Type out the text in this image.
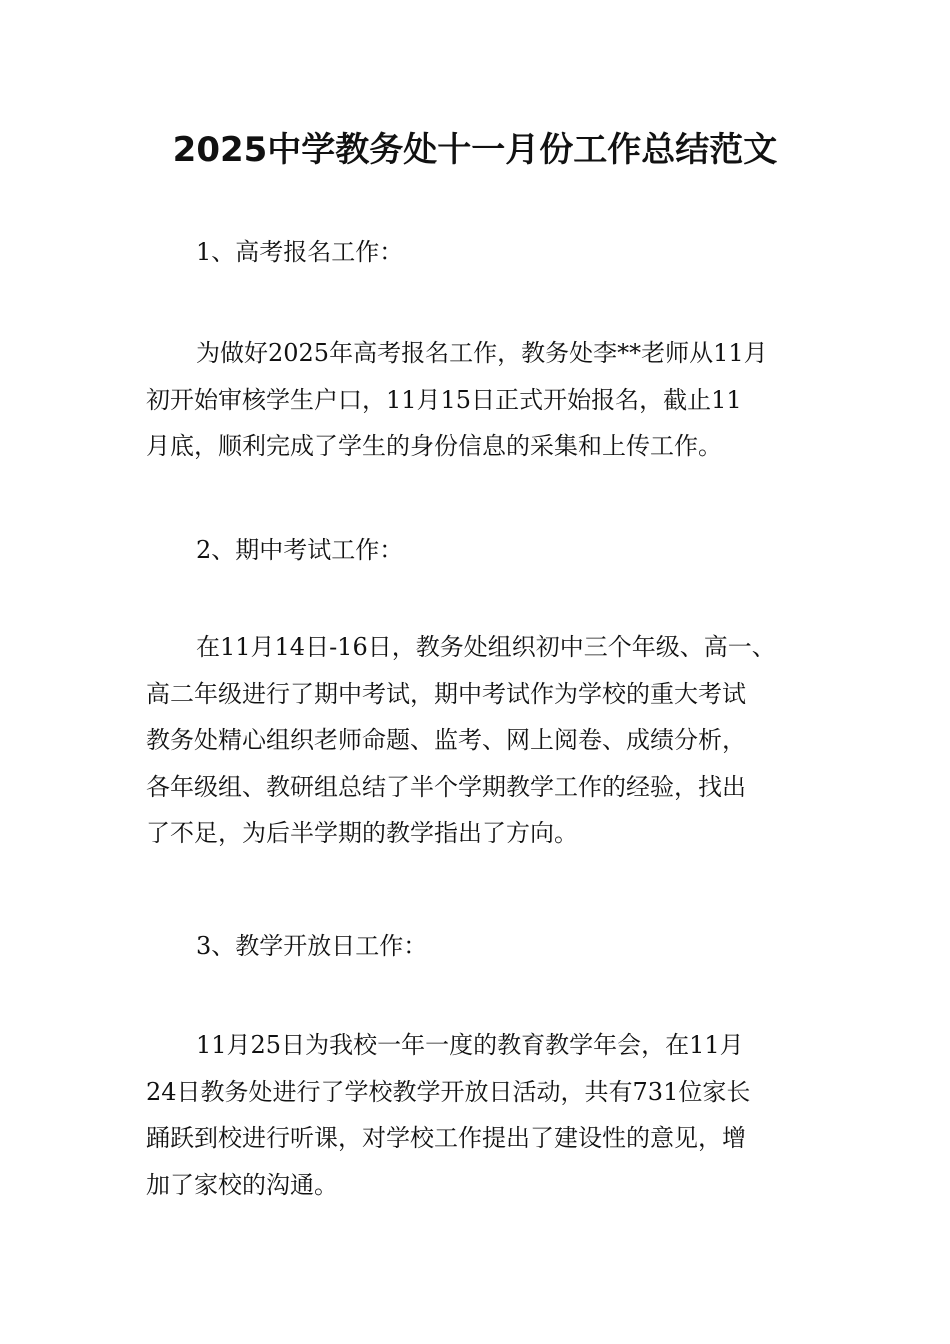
2025中学教务处十一月份工作总结范文
1、高考报名工作：
为做好2025年高考报名工作，教务处李**老师从11月
初开始审核学生户口，11月15日正式开始报名，截止11
月底，顺利完成了学生的身份信息的采集和上传工作。
2、期中考试工作：
在11月14日-16日，教务处组织初中三个年级、高一、
高二年级进行了期中考试，期中考试作为学校的重大考试
教务处精心组织老师命题、监考、网上阅卷、成绩分析，
各年级组、教研组总结了半个学期教学工作的经验，找出
了不足，为后半学期的教学指出了方向。
3、教学开放日工作：
11月25日为我校一年一度的教育教学年会，在11月
24日教务处进行了学校教学开放日活动，共有731位家长
踊跃到校进行听课，对学校工作提出了建设性的意见，增
加了家校的沟通。
